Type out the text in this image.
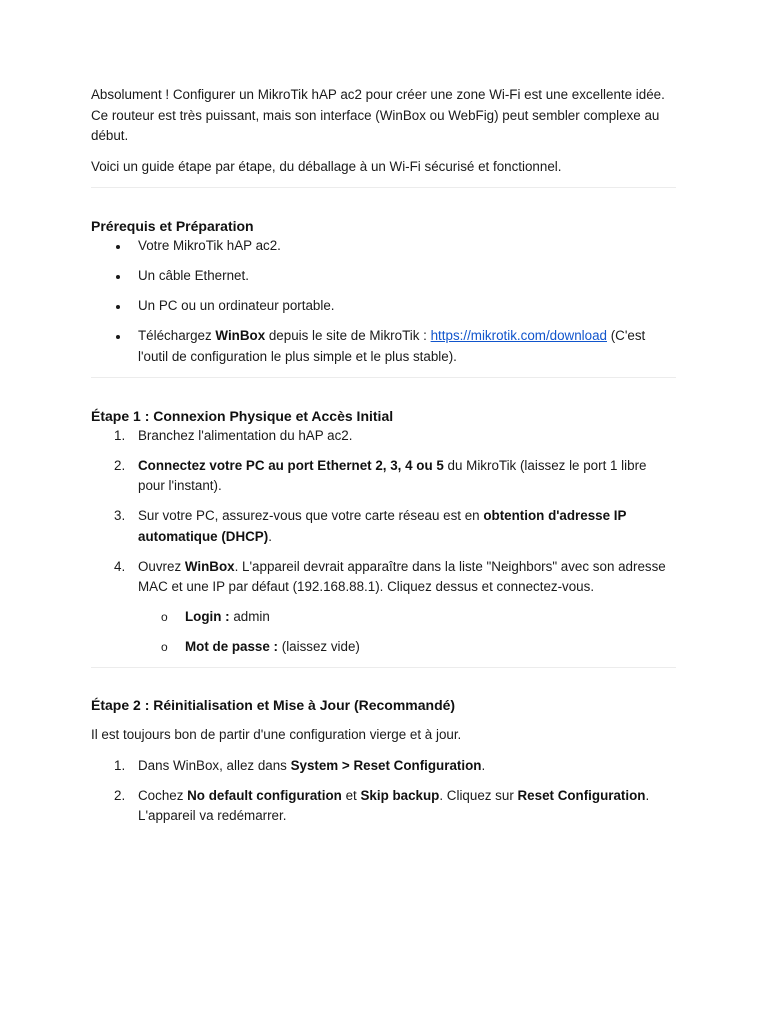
Absolument ! Configurer un MikroTik hAP ac2 pour créer une zone Wi-Fi est une excellente idée. Ce routeur est très puissant, mais son interface (WinBox ou WebFig) peut sembler complexe au début.

Voici un guide étape par étape, du déballage à un Wi-Fi sécurisé et fonctionnel.

Prérequis et Préparation
Votre MikroTik hAP ac2.
Un câble Ethernet.
Un PC ou un ordinateur portable.
Téléchargez WinBox depuis le site de MikroTik : https://mikrotik.com/download (C'est l'outil de configuration le plus simple et le plus stable).
Étape 1 : Connexion Physique et Accès Initial
1. Branchez l'alimentation du hAP ac2.
2. Connectez votre PC au port Ethernet 2, 3, 4 ou 5 du MikroTik (laissez le port 1 libre pour l'instant).
3. Sur votre PC, assurez-vous que votre carte réseau est en obtention d'adresse IP automatique (DHCP).
4. Ouvrez WinBox. L'appareil devrait apparaître dans la liste "Neighbors" avec son adresse MAC et une IP par défaut (192.168.88.1). Cliquez dessus et connectez-vous.
o Login : admin
o Mot de passe : (laissez vide)
Étape 2 : Réinitialisation et Mise à Jour (Recommandé)

Il est toujours bon de partir d'une configuration vierge et à jour.

1. Dans WinBox, allez dans System > Reset Configuration.
2. Cochez No default configuration et Skip backup. Cliquez sur Reset Configuration. L'appareil va redémarrer.
